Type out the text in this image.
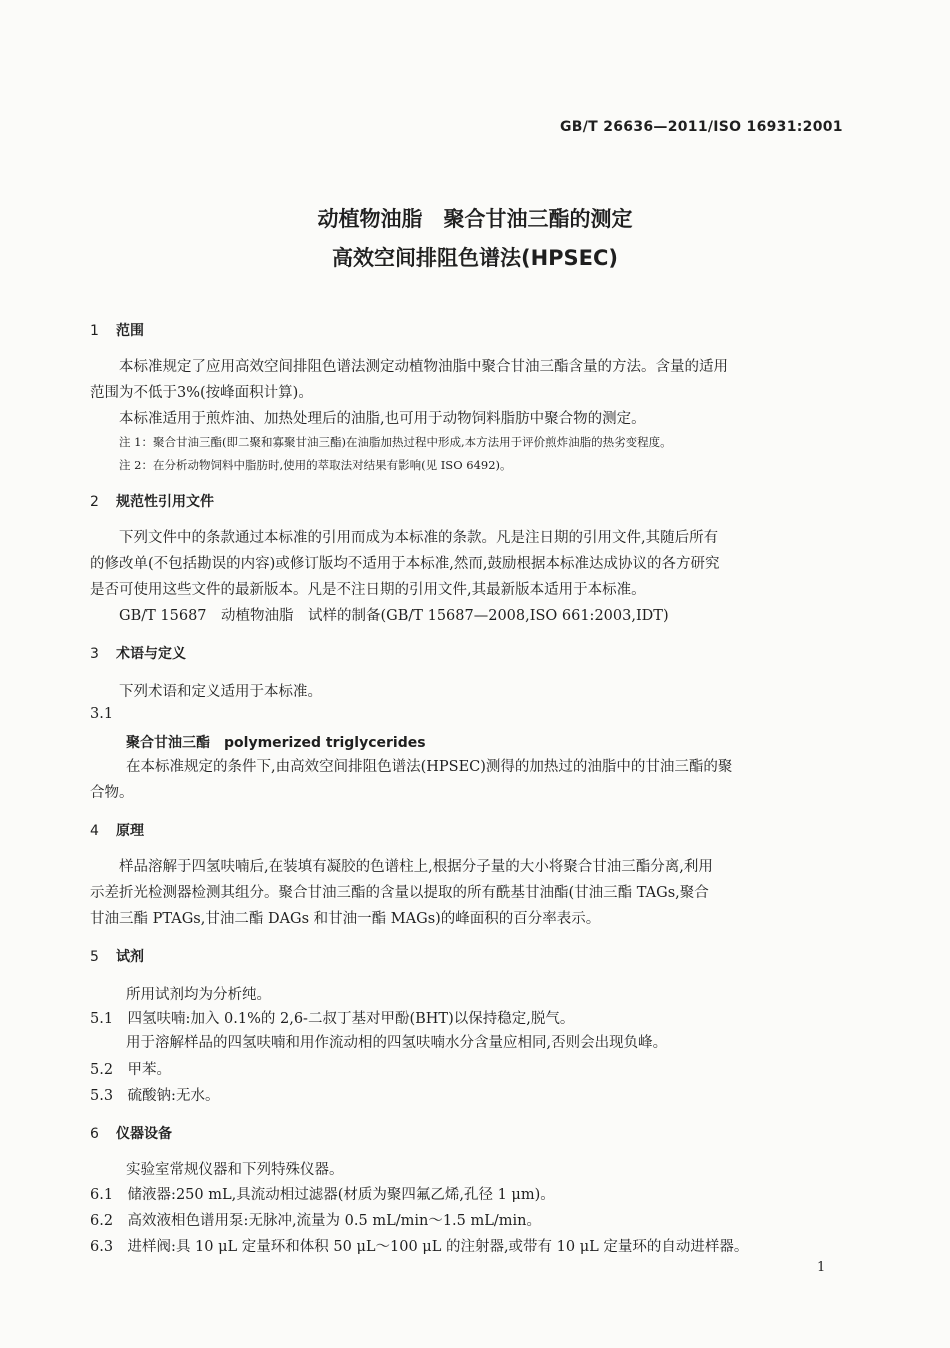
GB/T 26636—2011/ISO 16931:2001
动植物油脂　聚合甘油三酯的测定
高效空间排阻色谱法(HPSEC)
1 范围
本标准规定了应用高效空间排阻色谱法测定动植物油脂中聚合甘油三酯含量的方法。含量的适用
范围为不低于3%(按峰面积计算)。
本标准适用于煎炸油、加热处理后的油脂,也可用于动物饲料脂肪中聚合物的测定。
注 1：聚合甘油三酯(即二聚和寡聚甘油三酯)在油脂加热过程中形成,本方法用于评价煎炸油脂的热劣变程度。
注 2：在分析动物饲料中脂肪时,使用的萃取法对结果有影响(见 ISO 6492)。
2 规范性引用文件
下列文件中的条款通过本标准的引用而成为本标准的条款。凡是注日期的引用文件,其随后所有
的修改单(不包括勘误的内容)或修订版均不适用于本标准,然而,鼓励根据本标准达成协议的各方研究
是否可使用这些文件的最新版本。凡是不注日期的引用文件,其最新版本适用于本标准。
GB/T 15687　动植物油脂　试样的制备(GB/T 15687—2008,ISO 661:2003,IDT)
3 术语与定义
下列术语和定义适用于本标准。
3.1
聚合甘油三酯　polymerized triglycerides
在本标准规定的条件下,由高效空间排阻色谱法(HPSEC)测得的加热过的油脂中的甘油三酯的聚
合物。
4 原理
样品溶解于四氢呋喃后,在装填有凝胶的色谱柱上,根据分子量的大小将聚合甘油三酯分离,利用
示差折光检测器检测其组分。聚合甘油三酯的含量以提取的所有酰基甘油酯(甘油三酯 TAGs,聚合
甘油三酯 PTAGs,甘油二酯 DAGs 和甘油一酯 MAGs)的峰面积的百分率表示。
5 试剂
所用试剂均为分析纯。
5.1　四氢呋喃:加入 0.1%的 2,6-二叔丁基对甲酚(BHT)以保持稳定,脱气。
用于溶解样品的四氢呋喃和用作流动相的四氢呋喃水分含量应相同,否则会出现负峰。
5.2　甲苯。
5.3　硫酸钠:无水。
6 仪器设备
实验室常规仪器和下列特殊仪器。
6.1　储液器:250 mL,具流动相过滤器(材质为聚四氟乙烯,孔径 1 μm)。
6.2　高效液相色谱用泵:无脉冲,流量为 0.5 mL/min～1.5 mL/min。
6.3　进样阀:具 10 μL 定量环和体积 50 μL～100 μL 的注射器,或带有 10 μL 定量环的自动进样器。
1
